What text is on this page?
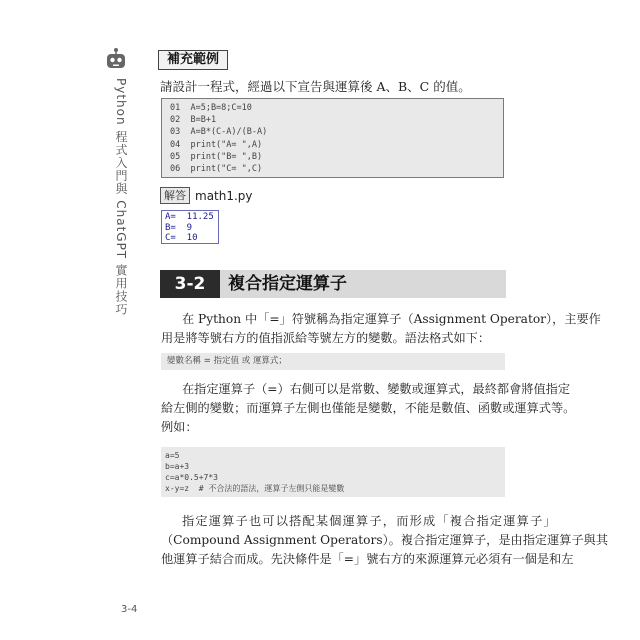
Python 程式入門與 ChatGPT 實用技巧
補充範例
請設計一程式，經過以下宣告與運算後 A、B、C 的值。
01  A=5;B=8;C=10
02  B=B+1
03  A=B*(C-A)/(B-A)
04  print("A= ",A)
05  print("B= ",B)
06  print("C= ",C)
解答 math1.py
A=  11.25
B=  9
C=  10
3-2	複合指定運算子
在 Python 中「=」符號稱為指定運算子（Assignment Operator），主要作
用是將等號右方的值指派給等號左方的變數。語法格式如下：
變數名稱 = 指定值 或 運算式；
在指定運算子（=）右側可以是常數、變數或運算式，最終都會將值指定
給左側的變數；而運算子左側也僅能是變數，不能是數值、函數或運算式等。
例如：
a=5
b=a+3
c=a*0.5+7*3
x-y=z  # 不合法的語法，運算子左側只能是變數
指定運算子也可以搭配某個運算子，而形成「複合指定運算子」
（Compound Assignment Operators）。複合指定運算子，是由指定運算子與其
他運算子結合而成。先決條件是「=」號右方的來源運算元必須有一個是和左
3-4
